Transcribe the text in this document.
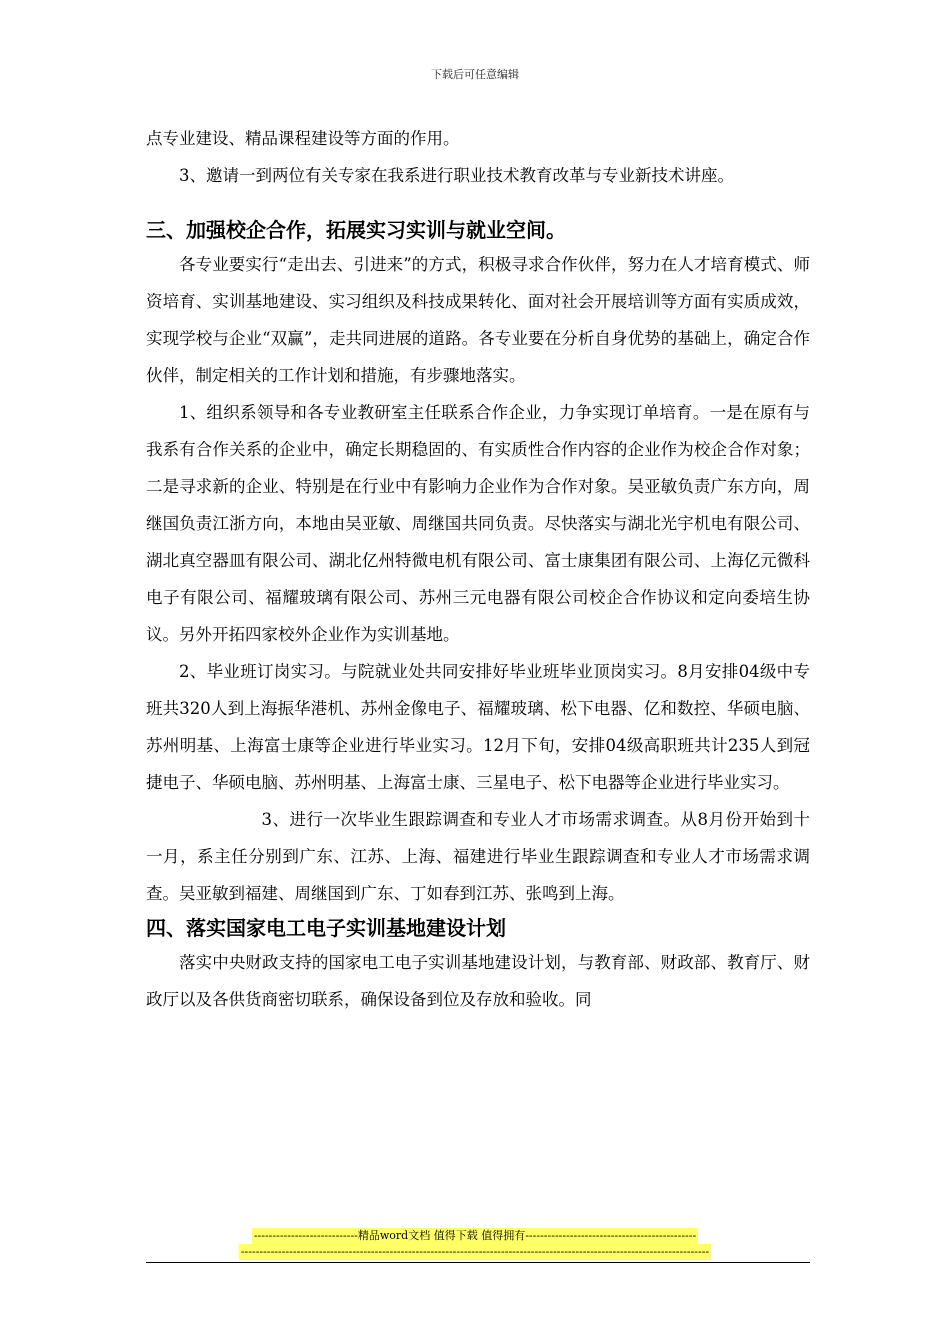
下载后可任意编辑

点专业建设、精品课程建设等方面的作用。

3、邀请一到两位有关专家在我系进行职业技术教育改革与专业新技术讲座。

三、加强校企合作，拓展实习实训与就业空间。

各专业要实行“走出去、引进来”的方式，积极寻求合作伙伴，努力在人才培育模式、师资培育、实训基地建设、实习组织及科技成果转化、面对社会开展培训等方面有实质成效，实现学校与企业“双赢”，走共同进展的道路。各专业要在分析自身优势的基础上，确定合作伙伴，制定相关的工作计划和措施，有步骤地落实。

1、组织系领导和各专业教研室主任联系合作企业，力争实现订单培育。一是在原有与我系有合作关系的企业中，确定长期稳固的、有实质性合作内容的企业作为校企合作对象；二是寻求新的企业、特别是在行业中有影响力企业作为合作对象。吴亚敏负责广东方向，周继国负责江浙方向，本地由吴亚敏、周继国共同负责。尽快落实与湖北光宇机电有限公司、湖北真空器皿有限公司、湖北亿州特微电机有限公司、富士康集团有限公司、上海亿元微科电子有限公司、福耀玻璃有限公司、苏州三元电器有限公司校企合作协议和定向委培生协议。另外开拓四家校外企业作为实训基地。

2、毕业班订岗实习。与院就业处共同安排好毕业班毕业顶岗实习。8月安排04级中专班共320人到上海振华港机、苏州金像电子、福耀玻璃、松下电器、亿和数控、华硕电脑、苏州明基、上海富士康等企业进行毕业实习。12月下旬，安排04级高职班共计235人到冠捷电子、华硕电脑、苏州明基、上海富士康、三星电子、松下电器等企业进行毕业实习。

3、进行一次毕业生跟踪调查和专业人才市场需求调查。从8月份开始到十一月，系主任分别到广东、江苏、上海、福建进行毕业生跟踪调查和专业人才市场需求调查。吴亚敏到福建、周继国到广东、丁如春到江苏、张鸣到上海。

四、落实国家电工电子实训基地建设计划

落实中央财政支持的国家电工电子实训基地建设计划，与教育部、财政部、教育厅、财政厅以及各供货商密切联系，确保设备到位及存放和验收。同

----------------------------精品word文档 值得下载 值得拥有----------------------------------------------
------------------------------------------------------------------------------------------------------------------------------
